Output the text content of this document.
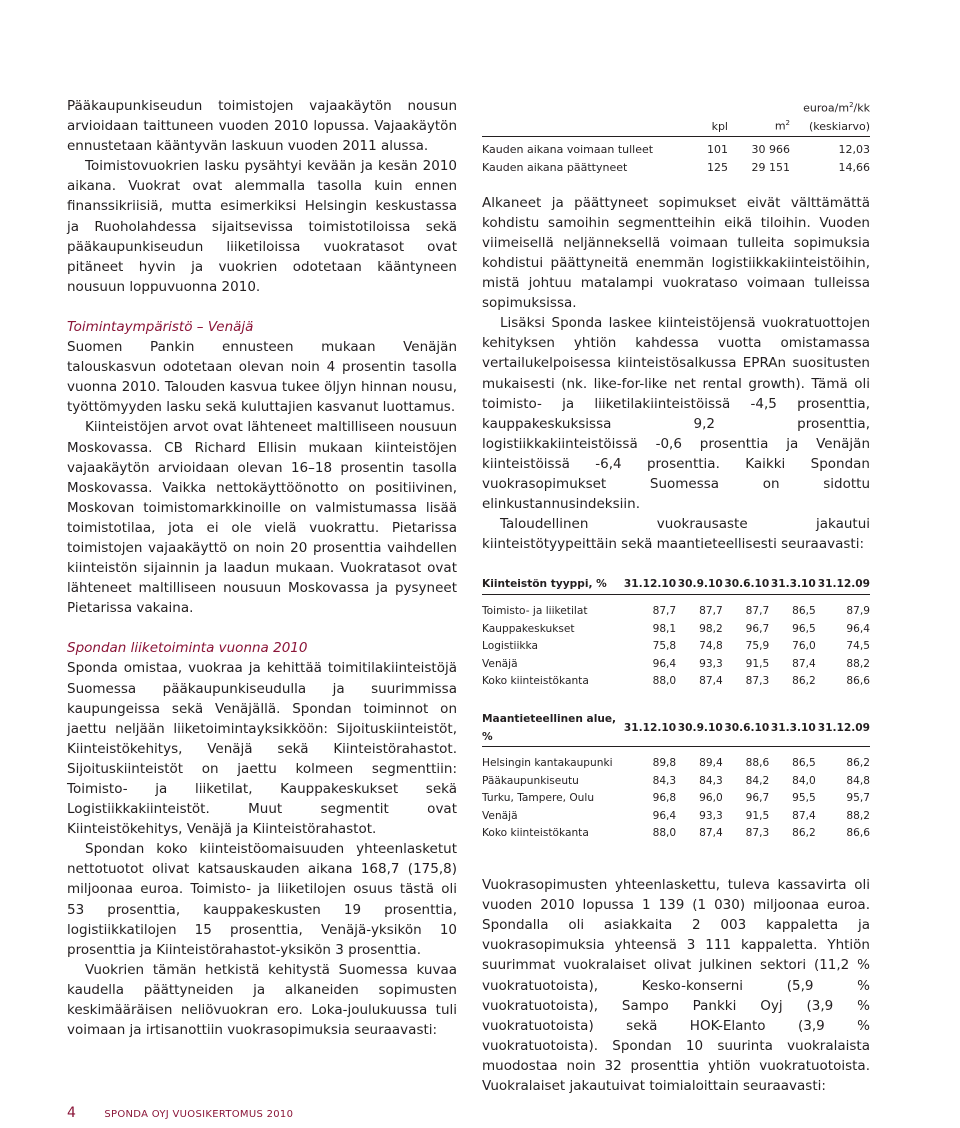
Pääkaupunkiseudun toimistojen vajaakäytön nousun arvioidaan taittuneen vuoden 2010 lopussa. Vajaakäytön ennustetaan kääntyvän laskuun vuoden 2011 alussa.

Toimistovuokrien lasku pysähtyi kevään ja kesän 2010 aikana. Vuokrat ovat alemmalla tasolla kuin ennen finanssikriisiä, mutta esimerkiksi Helsingin keskustassa ja Ruoholahdessa sijaitsevissa toimistotiloissa sekä pääkaupunkiseudun liiketiloissa vuokratasot ovat pitäneet hyvin ja vuokrien odotetaan kääntyneen nousuun loppuvuonna 2010.

Toimintaympäristö – Venäjä

Suomen Pankin ennusteen mukaan Venäjän talouskasvun odotetaan olevan noin 4 prosentin tasolla vuonna 2010. Talouden kasvua tukee öljyn hinnan nousu, työttömyyden lasku sekä kuluttajien kasvanut luottamus.

Kiinteistöjen arvot ovat lähteneet maltilliseen nousuun Moskovassa. CB Richard Ellisin mukaan kiinteistöjen vajaakäytön arvioidaan olevan 16–18 prosentin tasolla Moskovassa. Vaikka nettokäyttöönotto on positiivinen, Moskovan toimistomarkkinoille on valmistumassa lisää toimistotilaa, jota ei ole vielä vuokrattu. Pietarissa toimistojen vajaakäyttö on noin 20 prosenttia vaihdellen kiinteistön sijainnin ja laadun mukaan. Vuokratasot ovat lähteneet maltilliseen nousuun Moskovassa ja pysyneet Pietarissa vakaina.

Spondan liiketoiminta vuonna 2010

Sponda omistaa, vuokraa ja kehittää toimitilakiinteistöjä Suomessa pääkaupunkiseudulla ja suurimmissa kaupungeissa sekä Venäjällä. Spondan toiminnot on jaettu neljään liiketoimintayksikköön: Sijoituskiinteistöt, Kiinteistökehitys, Venäjä sekä Kiinteistörahastot. Sijoituskiinteistöt on jaettu kolmeen segmenttiin: Toimisto- ja liiketilat, Kauppakeskukset sekä Logistiikkakiinteistöt. Muut segmentit ovat Kiinteistökehitys, Venäjä ja Kiinteistörahastot.

Spondan koko kiinteistöomaisuuden yhteenlasketut nettotuotot olivat katsauskauden aikana 168,7 (175,8) miljoonaa euroa. Toimisto- ja liiketilojen osuus tästä oli 53 prosenttia, kauppakeskusten 19 prosenttia, logistiikkatilojen 15 prosenttia, Venäjä-yksikön 10 prosenttia ja Kiinteistörahastot-yksikön 3 prosenttia.

Vuokrien tämän hetkistä kehitystä Suomessa kuvaa kaudella päättyneiden ja alkaneiden sopimusten keskimääräisen neliövuokran ero. Loka-joulukuussa tuli voimaan ja irtisanottiin vuokrasopimuksia seuraavasti:

	kpl	$m^2$	euroa/$m^2/kk$
(keskiarvo)

Kauden aikana voimaan tulleet	101	30 966	12,03
Kauden aikana päättyneet	125	29 151	14,66

Alkaneet ja päättyneet sopimukset eivät välttämättä kohdistu samoihin segmentteihin eikä tiloihin. Vuoden viimeisellä neljänneksellä voimaan tulleita sopimuksia kohdistui päättyneitä enemmän logistiikkakiinteistöihin, mistä johtuu matalampi vuokrataso voimaan tulleissa sopimuksissa.

Lisäksi Sponda laskee kiinteistöjensä vuokratuottojen kehityksen yhtiön kahdessa vuotta omistamassa vertailukelpoisessa kiinteistösalkussa EPRAn suositusten mukaisesti (nk. like-for-like net rental growth). Tämä oli toimisto- ja liiketilakiinteistöissä -4,5 prosenttia, kauppakeskuksissa 9,2 prosenttia, logistiikkakiinteistöissä -0,6 prosenttia ja Venäjän kiinteistöissä -6,4 prosenttia. Kaikki Spondan vuokrasopimukset Suomessa on sidottu elinkustannusindeksiin.

Taloudellinen vuokrausaste jakautui kiinteistötyypeittäin sekä maantieteellisesti seuraavasti:

Kiinteistön tyyppi, %	31.12.10	30.9.10	30.6.10	31.3.10	31.12.09

Toimisto- ja liiketilat	87,7	87,7	87,7	86,5	87,9
Kauppakeskukset	98,1	98,2	96,7	96,5	96,4
Logistiikka	75,8	74,8	75,9	76,0	74,5
Venäjä	96,4	93,3	91,5	87,4	88,2
Koko kiinteistökanta	88,0	87,4	87,3	86,2	86,6
Maantieteellinen alue, %	31.12.10	30.9.10	30.6.10	31.3.10	31.12.09

Helsingin kantakaupunki	89,8	89,4	88,6	86,5	86,2
Pääkaupunkiseutu	84,3	84,3	84,2	84,0	84,8
Turku, Tampere, Oulu	96,8	96,0	96,7	95,5	95,7
Venäjä	96,4	93,3	91,5	87,4	88,2
Koko kiinteistökanta	88,0	87,4	87,3	86,2	86,6

Vuokrasopimusten yhteenlaskettu, tuleva kassavirta oli vuoden 2010 lopussa 1 139 (1 030) miljoonaa euroa. Spondalla oli asiakkaita 2 003 kappaletta ja vuokrasopimuksia yhteensä 3 111 kappaletta. Yhtiön suurimmat vuokralaiset olivat julkinen sektori (11,2 % vuokratuotoista), Kesko-konserni (5,9 % vuokratuotoista), Sampo Pankki Oyj (3,9 % vuokratuotoista) sekä HOK-Elanto (3,9 % vuokratuotoista). Spondan 10 suurinta vuokralaista muodostaa noin 32 prosenttia yhtiön vuokratuotoista. Vuokralaiset jakautuivat toimialoittain seuraavasti:

4	SPONDA OYJ VUOSIKERTOMUS 2010
